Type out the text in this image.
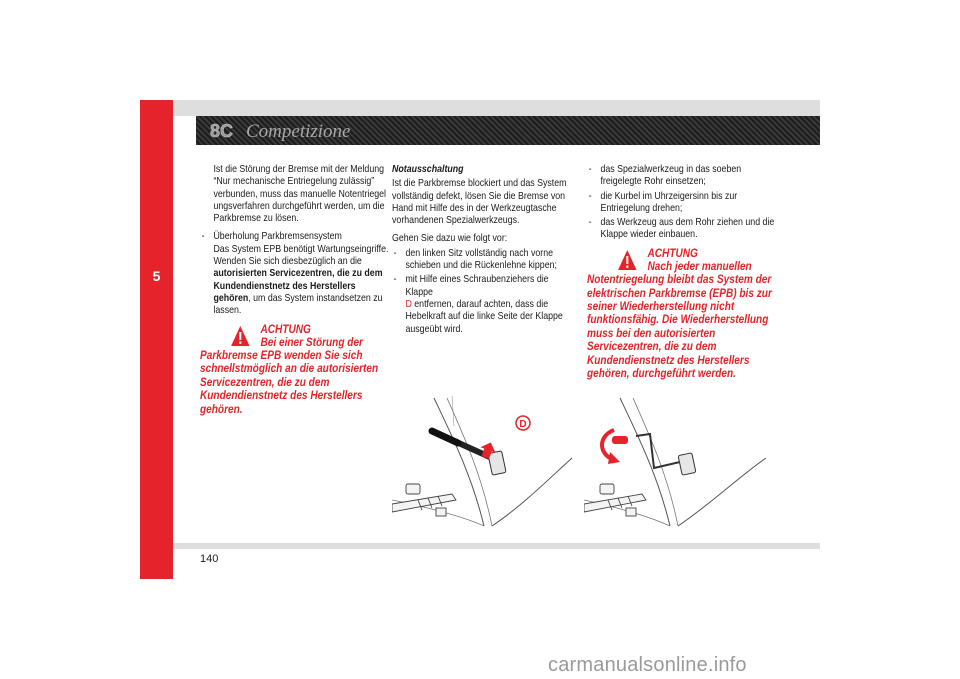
5
8C Competizione

Ist die Störung der Bremse mit der Meldung “Nur mechanische Entriegelung zulässig” verbunden, muss das manuelle Notentriegel ungsverfahren durchgeführt werden, um die Parkbremse zu lösen.

- Überholung Parkbremsensystem
Das System EPB benötigt Wartungseingriffe. Wenden Sie sich diesbezüglich an die autorisierten Servicezentren, die zu dem Kundendienstnetz des Herstellers gehören, um das System instandsetzen zu lassen.
ACHTUNG
Bei einer Störung der Parkbremse EPB wenden Sie sich schnellstmöglich an die autorisierten Servicezentren, die zu dem Kundendienstnetz des Herstellers gehören.

Notausschaltung

Ist die Parkbremse blockiert und das System vollständig defekt, lösen Sie die Bremse von Hand mit Hilfe des in der Werkzeugtasche vorhandenen Spezialwerkzeugs.

Gehen Sie dazu wie folgt vor:

- den linken Sitz vollständig nach vorne schieben und die Rückenlehne kippen;
- mit Hilfe eines Schraubenziehers die Klappe
D entfernen, darauf achten, dass die Hebelkraft auf die linke Seite der Klappe ausgeübt wird.
- das Spezialwerkzeug in das soeben freigelegte Rohr einsetzen;
- die Kurbel im Uhrzeigersinn bis zur Entriegelung drehen;
- das Werkzeug aus dem Rohr ziehen und die Klappe wieder einbauen.
ACHTUNG
Nach jeder manuellen Notentriegelung bleibt das System der elektrischen Parkbremse (EPB) bis zur seiner Wiederherstellung nicht funktionsfähig. Die Wiederherstellung muss bei den autorisierten Servicezentren, die zu dem Kundendienstnetz des Herstellers gehören, durchgeführt werden.
D
140
carmanualsonline.info
